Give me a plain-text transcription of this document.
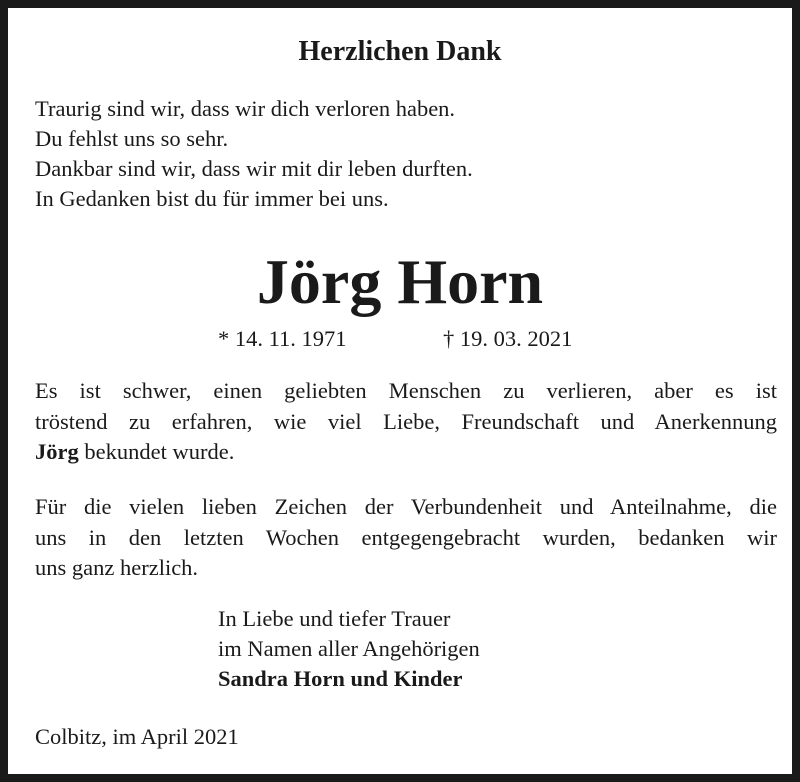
Herzlichen Dank
Traurig sind wir, dass wir dich verloren haben.
Du fehlst uns so sehr.
Dankbar sind wir, dass wir mit dir leben durften.
In Gedanken bist du für immer bei uns.
Jörg Horn
* 14. 11. 1971	† 19. 03. 2021
Es ist schwer, einen geliebten Menschen zu verlieren, aber es ist
tröstend zu erfahren, wie viel Liebe, Freundschaft und Anerkennung
Jörg bekundet wurde.
Für die vielen lieben Zeichen der Verbundenheit und Anteilnahme, die
uns in den letzten Wochen entgegengebracht wurden, bedanken wir
uns ganz herzlich.
In Liebe und tiefer Trauer
im Namen aller Angehörigen
Sandra Horn und Kinder
Colbitz, im April 2021
